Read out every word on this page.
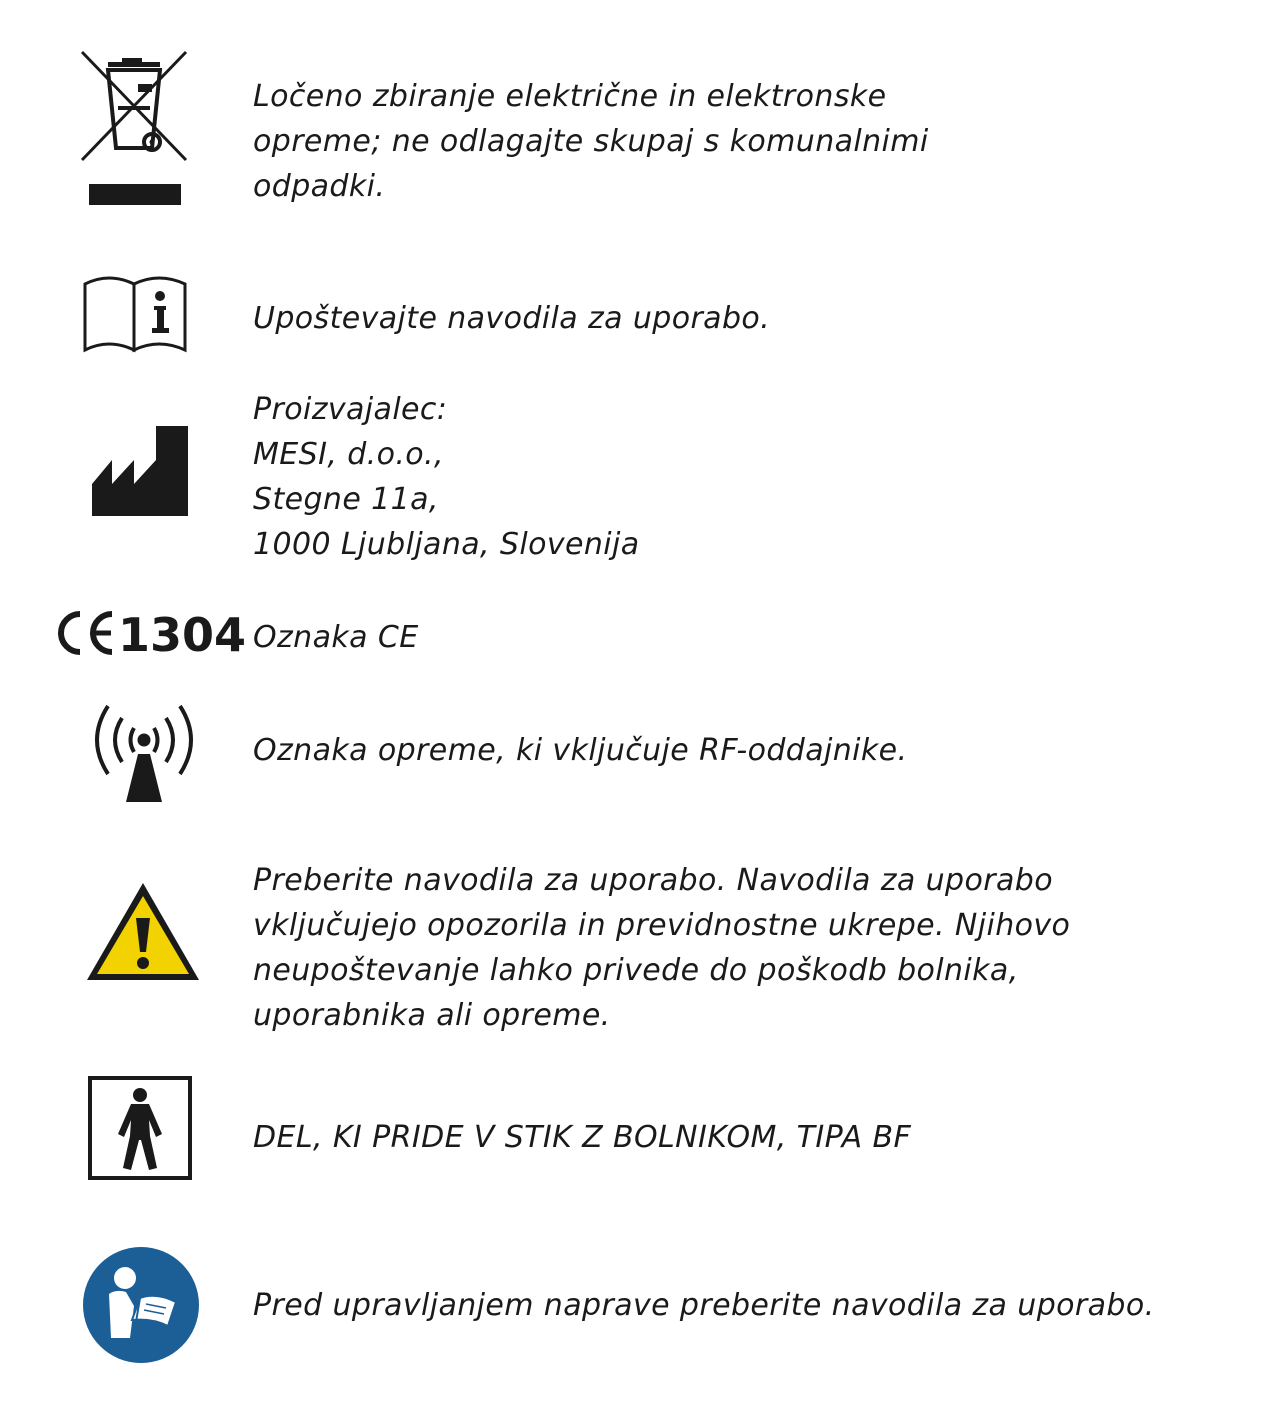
Ločeno zbiranje električne in elektronske
opreme; ne odlagajte skupaj s komunalnimi
odpadki.
Upoštevajte navodila za uporabo.
Proizvajalec:
MESI, d.o.o.,
Stegne 11a,
1000 Ljubljana, Slovenija
1304 Oznaka CE
Oznaka opreme, ki vključuje RF-oddajnike.
Preberite navodila za uporabo. Navodila za uporabo
vključujejo opozorila in previdnostne ukrepe. Njihovo
neupoštevanje lahko privede do poškodb bolnika,
uporabnika ali opreme.
DEL, KI PRIDE V STIK Z BOLNIKOM, TIPA BF
Pred upravljanjem naprave preberite navodila za uporabo.
